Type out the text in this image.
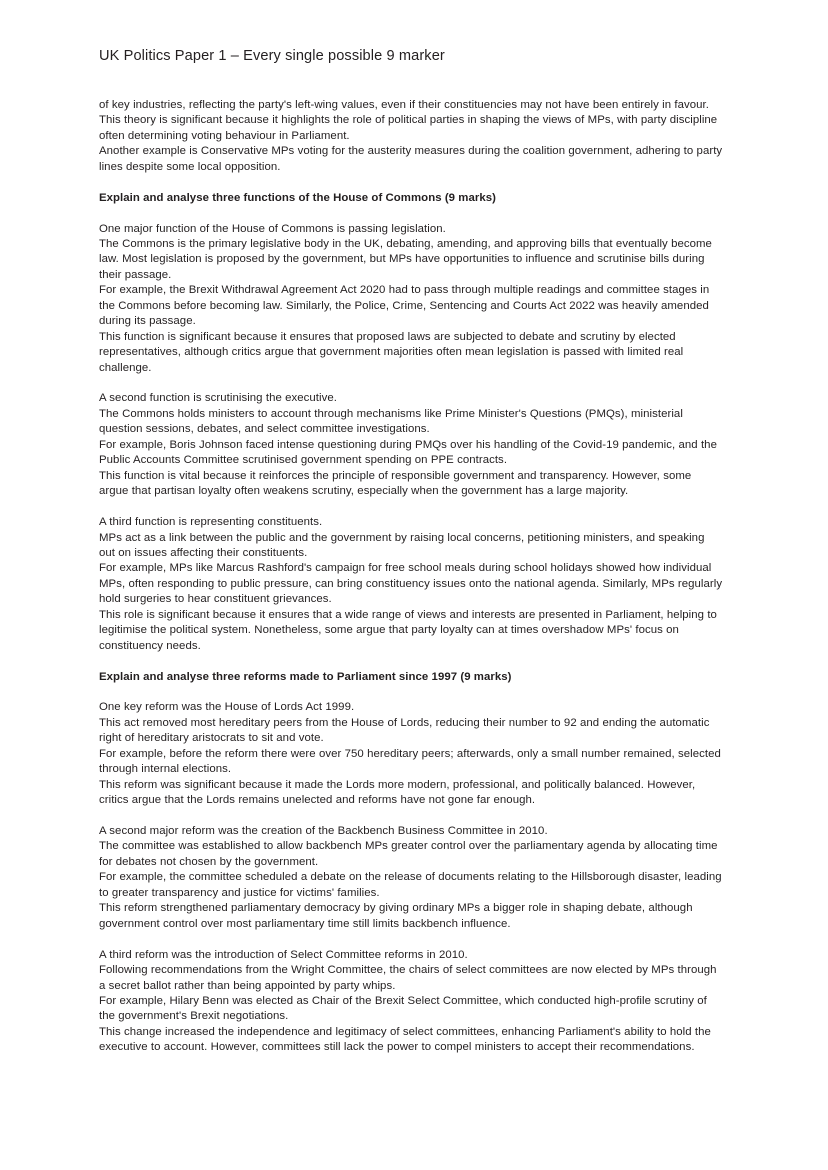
UK Politics Paper 1 – Every single possible 9 marker
of key industries, reflecting the party's left-wing values, even if their constituencies may not have been entirely in favour.
This theory is significant because it highlights the role of political parties in shaping the views of MPs, with party discipline often determining voting behaviour in Parliament.
Another example is Conservative MPs voting for the austerity measures during the coalition government, adhering to party lines despite some local opposition.
Explain and analyse three functions of the House of Commons (9 marks)
One major function of the House of Commons is passing legislation.
The Commons is the primary legislative body in the UK, debating, amending, and approving bills that eventually become law. Most legislation is proposed by the government, but MPs have opportunities to influence and scrutinise bills during their passage.
For example, the Brexit Withdrawal Agreement Act 2020 had to pass through multiple readings and committee stages in the Commons before becoming law. Similarly, the Police, Crime, Sentencing and Courts Act 2022 was heavily amended during its passage.
This function is significant because it ensures that proposed laws are subjected to debate and scrutiny by elected representatives, although critics argue that government majorities often mean legislation is passed with limited real challenge.
A second function is scrutinising the executive.
The Commons holds ministers to account through mechanisms like Prime Minister's Questions (PMQs), ministerial question sessions, debates, and select committee investigations.
For example, Boris Johnson faced intense questioning during PMQs over his handling of the Covid-19 pandemic, and the Public Accounts Committee scrutinised government spending on PPE contracts.
This function is vital because it reinforces the principle of responsible government and transparency. However, some argue that partisan loyalty often weakens scrutiny, especially when the government has a large majority.
A third function is representing constituents.
MPs act as a link between the public and the government by raising local concerns, petitioning ministers, and speaking out on issues affecting their constituents.
For example, MPs like Marcus Rashford's campaign for free school meals during school holidays showed how individual MPs, often responding to public pressure, can bring constituency issues onto the national agenda. Similarly, MPs regularly hold surgeries to hear constituent grievances.
This role is significant because it ensures that a wide range of views and interests are presented in Parliament, helping to legitimise the political system. Nonetheless, some argue that party loyalty can at times overshadow MPs' focus on constituency needs.
Explain and analyse three reforms made to Parliament since 1997 (9 marks)
One key reform was the House of Lords Act 1999.
This act removed most hereditary peers from the House of Lords, reducing their number to 92 and ending the automatic right of hereditary aristocrats to sit and vote.
For example, before the reform there were over 750 hereditary peers; afterwards, only a small number remained, selected through internal elections.
This reform was significant because it made the Lords more modern, professional, and politically balanced. However, critics argue that the Lords remains unelected and reforms have not gone far enough.
A second major reform was the creation of the Backbench Business Committee in 2010.
The committee was established to allow backbench MPs greater control over the parliamentary agenda by allocating time for debates not chosen by the government.
For example, the committee scheduled a debate on the release of documents relating to the Hillsborough disaster, leading to greater transparency and justice for victims' families.
This reform strengthened parliamentary democracy by giving ordinary MPs a bigger role in shaping debate, although government control over most parliamentary time still limits backbench influence.
A third reform was the introduction of Select Committee reforms in 2010.
Following recommendations from the Wright Committee, the chairs of select committees are now elected by MPs through a secret ballot rather than being appointed by party whips.
For example, Hilary Benn was elected as Chair of the Brexit Select Committee, which conducted high-profile scrutiny of the government's Brexit negotiations.
This change increased the independence and legitimacy of select committees, enhancing Parliament's ability to hold the executive to account. However, committees still lack the power to compel ministers to accept their recommendations.
